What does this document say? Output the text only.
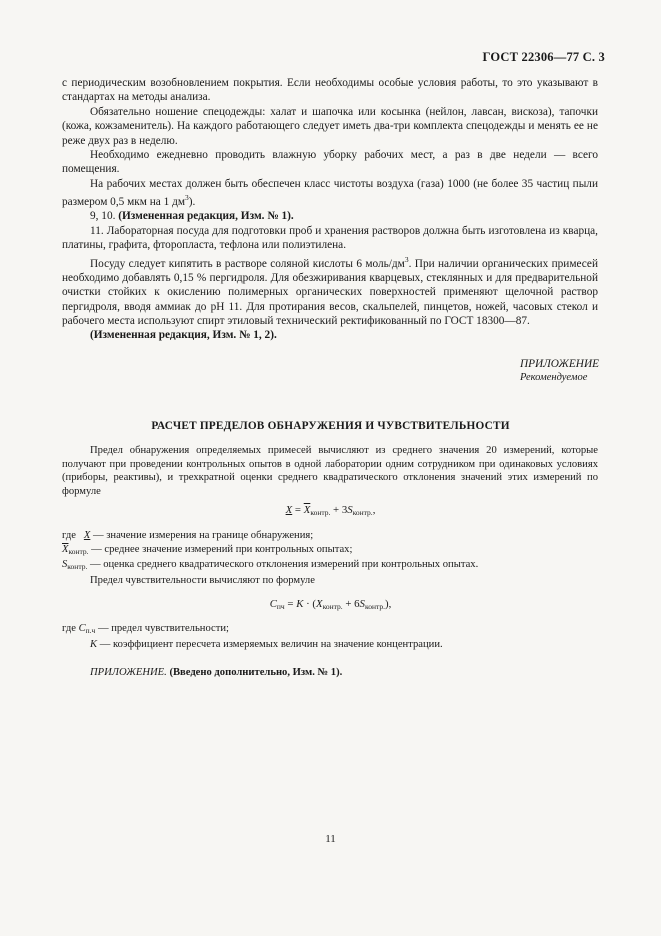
ГОСТ 22306—77 С. 3

с периодическим возобновлением покрытия. Если необходимы особые условия работы, то это указывают в стандартах на методы анализа.

Обязательно ношение спецодежды: халат и шапочка или косынка (нейлон, лавсан, вискоза), тапочки (кожа, кожзаменитель). На каждого работающего следует иметь два-три комплекта спецодежды и менять ее не реже двух раз в неделю.

Необходимо ежедневно проводить влажную уборку рабочих мест, а раз в две недели — всего помещения.

На рабочих местах должен быть обеспечен класс чистоты воздуха (газа) 1000 (не более 35 частиц пыли размером 0,5 мкм на 1 $дм^3$).

9, 10. (Измененная редакция, Изм. № 1).

11. Лабораторная посуда для подготовки проб и хранения растворов должна быть изготовлена из кварца, платины, графита, фторопласта, тефлона или полиэтилена.

Посуду следует кипятить в растворе соляной кислоты 6 моль/$дм^3$. При наличии органических примесей необходимо добавлять 0,15 % пергидроля. Для обезжиривания кварцевых, стеклянных и для предварительной очистки стойких к окислению полимерных органических поверхностей применяют щелочной раствор пергидроля, вводя аммиак до pH 11. Для протирания весов, скальпелей, пинцетов, ножей, часовых стекол и рабочего места используют спирт этиловый технический ректификованный по ГОСТ 18300—87.

(Измененная редакция, Изм. № 1, 2).

ПРИЛОЖЕНИЕ
Рекомендуемое
РАСЧЕТ ПРЕДЕЛОВ ОБНАРУЖЕНИЯ И ЧУВСТВИТЕЛЬНОСТИ

Предел обнаружения определяемых примесей вычисляют из среднего значения 20 измерений, которые получают при проведении контрольных опытов в одной лаборатории одним сотрудником при одинаковых условиях (приборы, реактивы), и трехкратной оценки среднего квадратического отклонения значений этих измерений по формуле

$X = \overline{X}_{контр.} + 3S_{контр.}$,

где X — значение измерения на границе обнаружения;

$\overline{X}_{контр.}$ — среднее значение измерений при контрольных опытах;

$S_{контр.}$ — оценка среднего квадратического отклонения измерений при контрольных опытах.

Предел чувствительности вычисляют по формуле

$C_{пч} = K \cdot (X_{контр.} + 6S_{контр.})$,

где $C_{п.ч}$ — предел чувствительности;

K — коэффициент пересчета измеряемых величин на значение концентрации.

ПРИЛОЖЕНИЕ. (Введено дополнительно, Изм. № 1).

11
